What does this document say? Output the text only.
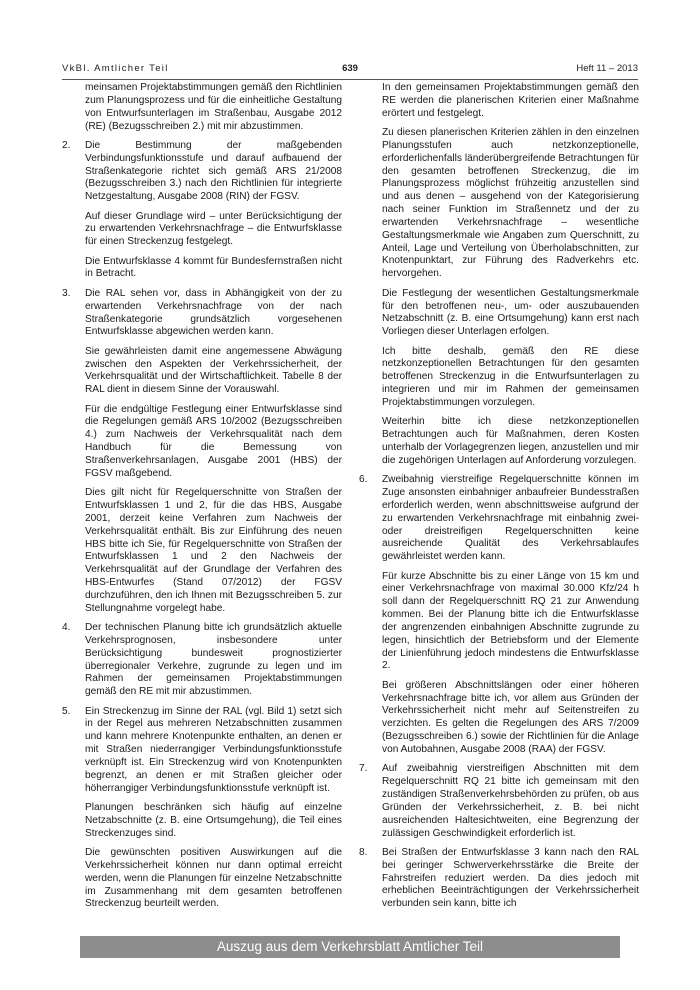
VkBl. Amtlicher Teil	639	Heft 11 – 2013

meinsamen Projektabstimmungen gemäß den Richtlinien zum Planungsprozess und für die einheitliche Gestaltung von Entwurfsunterlagen im Straßenbau, Ausgabe 2012 (RE) (Bezugsschreiben 2.) mit mir abzustimmen.

2.	Die Bestimmung der maßgebenden Verbindungsfunktionsstufe und darauf aufbauend der Straßenkategorie richtet sich gemäß ARS 21/2008 (Bezugsschreiben 3.) nach den Richtlinien für integrierte Netzgestaltung, Ausgabe 2008 (RIN) der FGSV.

Auf dieser Grundlage wird – unter Berücksichtigung der zu erwartenden Verkehrsnachfrage – die Entwurfsklasse für einen Streckenzug festgelegt.

Die Entwurfsklasse 4 kommt für Bundesfernstraßen nicht in Betracht.

3.	Die RAL sehen vor, dass in Abhängigkeit von der zu erwartenden Verkehrsnachfrage von der nach Straßenkategorie grundsätzlich vorgesehenen Entwurfsklasse abgewichen werden kann.

Sie gewährleisten damit eine angemessene Abwägung zwischen den Aspekten der Verkehrssicherheit, der Verkehrsqualität und der Wirtschaftlichkeit. Tabelle 8 der RAL dient in diesem Sinne der Vorauswahl.

Für die endgültige Festlegung einer Entwurfsklasse sind die Regelungen gemäß ARS 10/2002 (Bezugsschreiben 4.) zum Nachweis der Verkehrsqualität nach dem Handbuch für die Bemessung von Straßenverkehrsanlagen, Ausgabe 2001 (HBS) der FGSV maßgebend.

Dies gilt nicht für Regelquerschnitte von Straßen der Entwurfsklassen 1 und 2, für die das HBS, Ausgabe 2001, derzeit keine Verfahren zum Nachweis der Verkehrsqualität enthält. Bis zur Einführung des neuen HBS bitte ich Sie, für Regelquerschnitte von Straßen der Entwurfsklassen 1 und 2 den Nachweis der Verkehrsqualität auf der Grundlage der Verfahren des HBS-Entwurfes (Stand 07/2012) der FGSV durchzuführen, den ich Ihnen mit Bezugsschreiben 5. zur Stellungnahme vorgelegt habe.

4.	Der technischen Planung bitte ich grundsätzlich aktuelle Verkehrsprognosen, insbesondere unter Berücksichtigung bundesweit prognostizierter überregionaler Verkehre, zugrunde zu legen und im Rahmen der gemeinsamen Projektabstimmungen gemäß den RE mit mir abzustimmen.

5.	Ein Streckenzug im Sinne der RAL (vgl. Bild 1) setzt sich in der Regel aus mehreren Netzabschnitten zusammen und kann mehrere Knotenpunkte enthalten, an denen er mit Straßen niederrangiger Verbindungsfunktionsstufe verknüpft ist. Ein Streckenzug wird von Knotenpunkten begrenzt, an denen er mit Straßen gleicher oder höherrangiger Verbindungsfunktionsstufe verknüpft ist.

Planungen beschränken sich häufig auf einzelne Netzabschnitte (z. B. eine Ortsumgehung), die Teil eines Streckenzuges sind.

Die gewünschten positiven Auswirkungen auf die Verkehrssicherheit können nur dann optimal erreicht werden, wenn die Planungen für einzelne Netzabschnitte im Zusammenhang mit dem gesamten betroffenen Streckenzug beurteilt werden.

In den gemeinsamen Projektabstimmungen gemäß den RE werden die planerischen Kriterien einer Maßnahme erörtert und festgelegt.

Zu diesen planerischen Kriterien zählen in den einzelnen Planungsstufen auch netzkonzeptionelle, erforderlichenfalls länderübergreifende Betrachtungen für den gesamten betroffenen Streckenzug, die im Planungsprozess möglichst frühzeitig anzustellen sind und aus denen – ausgehend von der Kategorisierung nach seiner Funktion im Straßennetz und der zu erwartenden Verkehrsnachfrage – wesentliche Gestaltungsmerkmale wie Angaben zum Querschnitt, zu Anteil, Lage und Verteilung von Überholabschnitten, zur Knotenpunktart, zur Führung des Radverkehrs etc. hervorgehen.

Die Festlegung der wesentlichen Gestaltungsmerkmale für den betroffenen neu-, um- oder auszubauenden Netzabschnitt (z. B. eine Ortsumgehung) kann erst nach Vorliegen dieser Unterlagen erfolgen.

Ich bitte deshalb, gemäß den RE diese netzkonzeptionellen Betrachtungen für den gesamten betroffenen Streckenzug in die Entwurfsunterlagen zu integrieren und mir im Rahmen der gemeinsamen Projektabstimmungen vorzulegen.

Weiterhin bitte ich diese netzkonzeptionellen Betrachtungen auch für Maßnahmen, deren Kosten unterhalb der Vorlagegrenzen liegen, anzustellen und mir die zugehörigen Unterlagen auf Anforderung vorzulegen.

6.	Zweibahnig vierstreifige Regelquerschnitte können im Zuge ansonsten einbahniger anbaufreier Bundesstraßen erforderlich werden, wenn abschnittsweise aufgrund der zu erwartenden Verkehrsnachfrage mit einbahnig zwei- oder dreistreifigen Regelquerschnitten keine ausreichende Qualität des Verkehrsablaufes gewährleistet werden kann.

Für kurze Abschnitte bis zu einer Länge von 15 km und einer Verkehrsnachfrage von maximal 30.000 Kfz/24 h soll dann der Regelquerschnitt RQ 21 zur Anwendung kommen. Bei der Planung bitte ich die Entwurfsklasse der angrenzenden einbahnigen Abschnitte zugrunde zu legen, hinsichtlich der Betriebsform und der Elemente der Linienführung jedoch mindestens die Entwurfsklasse 2.

Bei größeren Abschnittslängen oder einer höheren Verkehrsnachfrage bitte ich, vor allem aus Gründen der Verkehrssicherheit nicht mehr auf Seitenstreifen zu verzichten. Es gelten die Regelungen des ARS 7/2009 (Bezugsschreiben 6.) sowie der Richtlinien für die Anlage von Autobahnen, Ausgabe 2008 (RAA) der FGSV.

7.	Auf zweibahnig vierstreifigen Abschnitten mit dem Regelquerschnitt RQ 21 bitte ich gemeinsam mit den zuständigen Straßenverkehrsbehörden zu prüfen, ob aus Gründen der Verkehrssicherheit, z. B. bei nicht ausreichenden Haltesichtweiten, eine Begrenzung der zulässigen Geschwindigkeit erforderlich ist.

8.	Bei Straßen der Entwurfsklasse 3 kann nach den RAL bei geringer Schwerverkehrsstärke die Breite der Fahrstreifen reduziert werden. Da dies jedoch mit erheblichen Beeinträchtigungen der Verkehrssicherheit verbunden sein kann, bitte ich

Auszug aus dem Verkehrsblatt Amtlicher Teil
